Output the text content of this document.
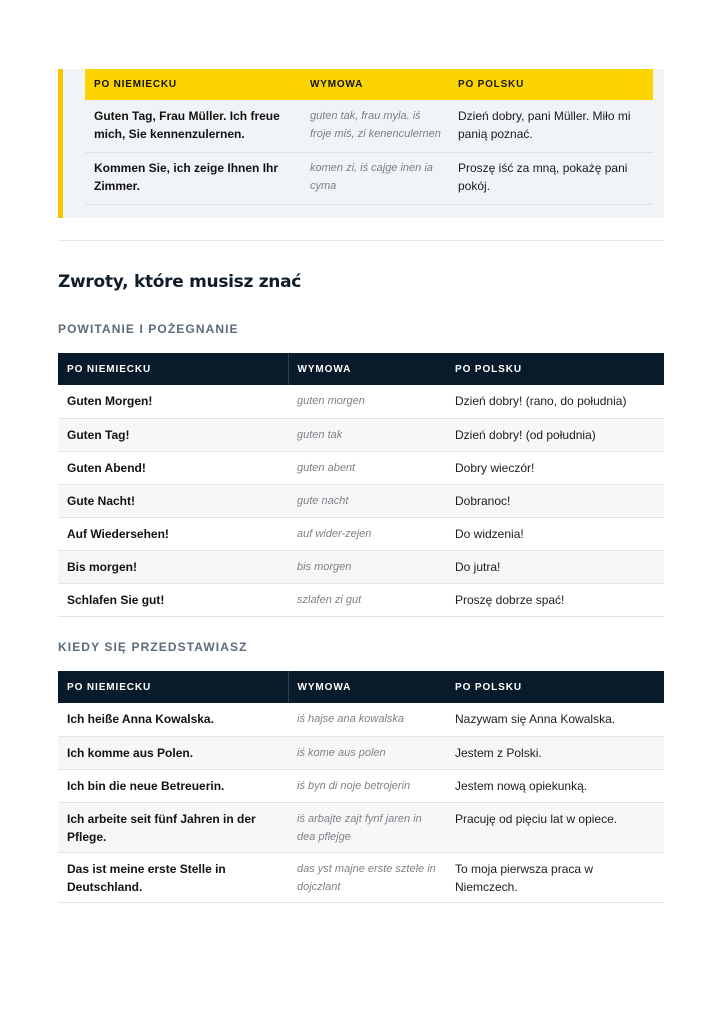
PO NIEMIECKU	WYMOWA	PO POLSKU
Guten Tag, Frau Müller. Ich freue mich, Sie kennenzulernen.	guten tak, frau myla. iś froje miś, zi kenenculernen	Dzień dobry, pani Müller. Miło mi panią poznać.
Kommen Sie, ich zeige Ihnen Ihr Zimmer.	komen zi, iś cajge inen ia cyma	Proszę iść za mną, pokażę pani pokój.
Zwroty, które musisz znać
POWITANIE I POŻEGNANIE
PO NIEMIECKU	WYMOWA	PO POLSKU
Guten Morgen!	guten morgen	Dzień dobry! (rano, do południa)
Guten Tag!	guten tak	Dzień dobry! (od południa)
Guten Abend!	guten abent	Dobry wieczór!
Gute Nacht!	gute nacht	Dobranoc!
Auf Wiedersehen!	auf wider-zejen	Do widzenia!
Bis morgen!	bis morgen	Do jutra!
Schlafen Sie gut!	szlafen zi gut	Proszę dobrze spać!
KIEDY SIĘ PRZEDSTAWIASZ
PO NIEMIECKU	WYMOWA	PO POLSKU
Ich heiße Anna Kowalska.	iś hajse ana kowalska	Nazywam się Anna Kowalska.
Ich komme aus Polen.	iś kome aus polen	Jestem z Polski.
Ich bin die neue Betreuerin.	iś byn di noje betrojerin	Jestem nową opiekunką.
Ich arbeite seit fünf Jahren in der Pflege.	iś arbajte zajt fynf jaren in dea pflejge	Pracuję od pięciu lat w opiece.
Das ist meine erste Stelle in Deutschland.	das yst majne erste sztele in dojczlant	To moja pierwsza praca w Niemczech.
